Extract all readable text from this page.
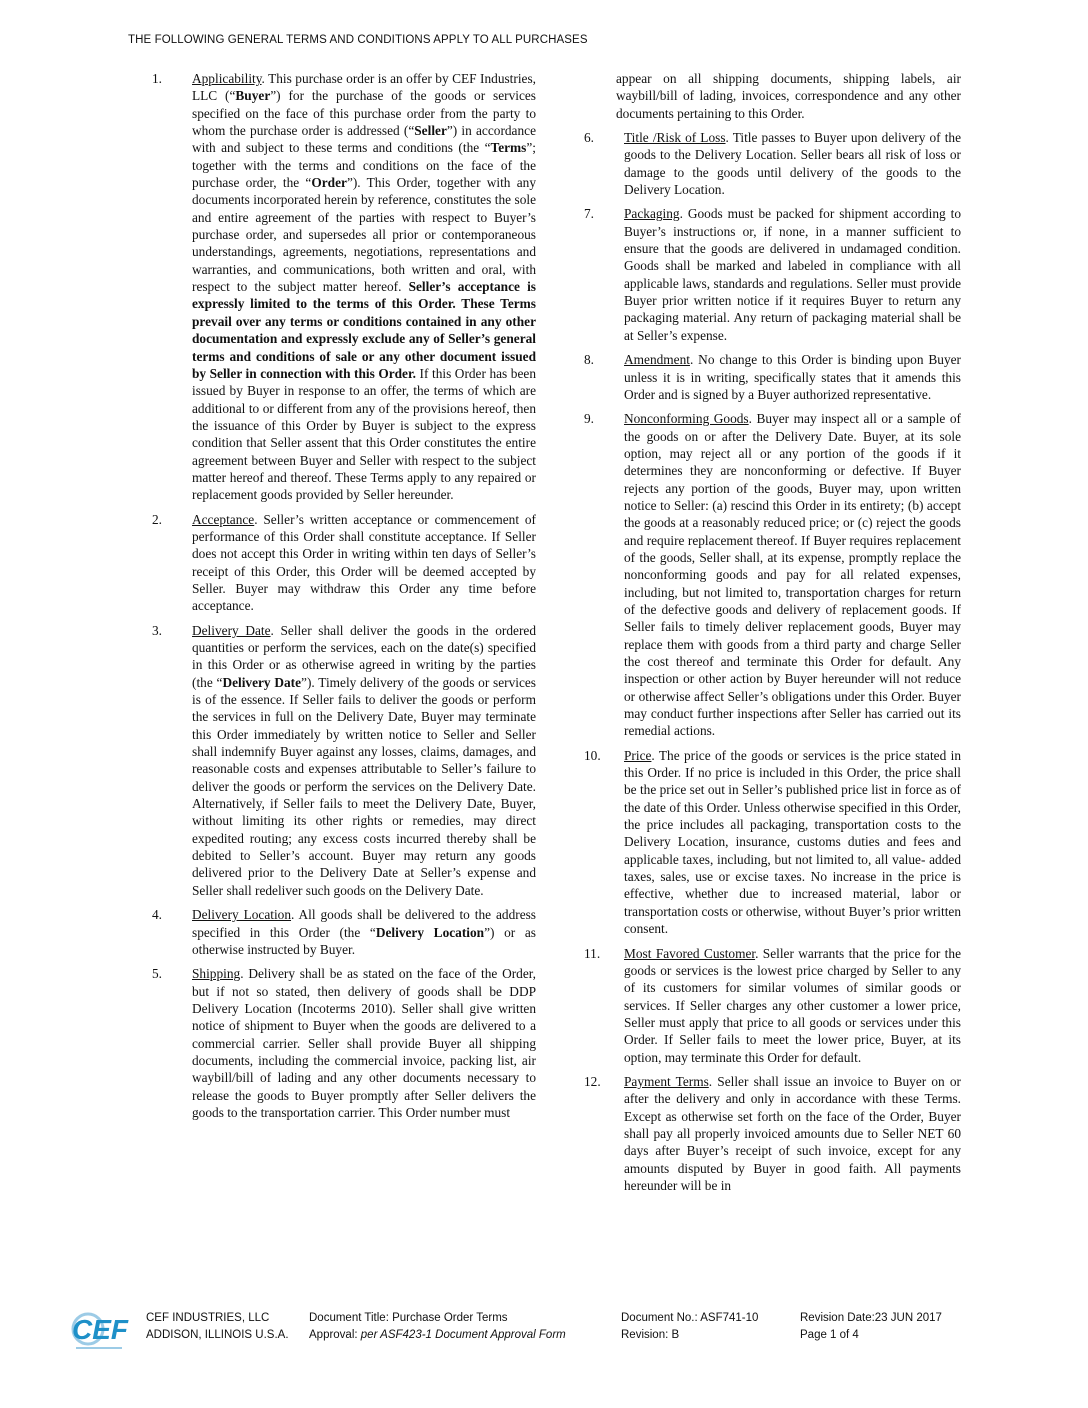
THE FOLLOWING GENERAL TERMS AND CONDITIONS APPLY TO ALL PURCHASES
1. Applicability. This purchase order is an offer by CEF Industries, LLC (“Buyer”) for the purchase of the goods or services specified on the face of this purchase order from the party to whom the purchase order is addressed (“Seller”) in accordance with and subject to these terms and conditions (the “Terms”; together with the terms and conditions on the face of the purchase order, the “Order”). This Order, together with any documents incorporated herein by reference, constitutes the sole and entire agreement of the parties with respect to Buyer’s purchase order, and supersedes all prior or contemporaneous understandings, agreements, negotiations, representations and warranties, and communications, both written and oral, with respect to the subject matter hereof. Seller’s acceptance is expressly limited to the terms of this Order. These Terms prevail over any terms or conditions contained in any other documentation and expressly exclude any of Seller’s general terms and conditions of sale or any other document issued by Seller in connection with this Order. If this Order has been issued by Buyer in response to an offer, the terms of which are additional to or different from any of the provisions hereof, then the issuance of this Order by Buyer is subject to the express condition that Seller assent that this Order constitutes the entire agreement between Buyer and Seller with respect to the subject matter hereof and thereof. These Terms apply to any repaired or replacement goods provided by Seller hereunder.
2. Acceptance. Seller’s written acceptance or commencement of performance of this Order shall constitute acceptance. If Seller does not accept this Order in writing within ten days of Seller’s receipt of this Order, this Order will be deemed accepted by Seller. Buyer may withdraw this Order any time before acceptance.
3. Delivery Date. Seller shall deliver the goods in the ordered quantities or perform the services, each on the date(s) specified in this Order or as otherwise agreed in writing by the parties (the “Delivery Date”). Timely delivery of the goods or services is of the essence. If Seller fails to deliver the goods or perform the services in full on the Delivery Date, Buyer may terminate this Order immediately by written notice to Seller and Seller shall indemnify Buyer against any losses, claims, damages, and reasonable costs and expenses attributable to Seller’s failure to deliver the goods or perform the services on the Delivery Date. Alternatively, if Seller fails to meet the Delivery Date, Buyer, without limiting its other rights or remedies, may direct expedited routing; any excess costs incurred thereby shall be debited to Seller’s account. Buyer may return any goods delivered prior to the Delivery Date at Seller’s expense and Seller shall redeliver such goods on the Delivery Date.
4. Delivery Location. All goods shall be delivered to the address specified in this Order (the “Delivery Location”) or as otherwise instructed by Buyer.
5. Shipping. Delivery shall be as stated on the face of the Order, but if not so stated, then delivery of goods shall be DDP Delivery Location (Incoterms 2010). Seller shall give written notice of shipment to Buyer when the goods are delivered to a commercial carrier. Seller shall provide Buyer all shipping documents, including the commercial invoice, packing list, air waybill/bill of lading and any other documents necessary to release the goods to Buyer promptly after Seller delivers the goods to the transportation carrier. This Order number must
appear on all shipping documents, shipping labels, air waybill/bill of lading, invoices, correspondence and any other documents pertaining to this Order.
6. Title /Risk of Loss. Title passes to Buyer upon delivery of the goods to the Delivery Location. Seller bears all risk of loss or damage to the goods until delivery of the goods to the Delivery Location.
7. Packaging. Goods must be packed for shipment according to Buyer’s instructions or, if none, in a manner sufficient to ensure that the goods are delivered in undamaged condition. Goods shall be marked and labeled in compliance with all applicable laws, standards and regulations. Seller must provide Buyer prior written notice if it requires Buyer to return any packaging material. Any return of packaging material shall be at Seller’s expense.
8. Amendment. No change to this Order is binding upon Buyer unless it is in writing, specifically states that it amends this Order and is signed by a Buyer authorized representative.
9. Nonconforming Goods. Buyer may inspect all or a sample of the goods on or after the Delivery Date. Buyer, at its sole option, may reject all or any portion of the goods if it determines they are nonconforming or defective. If Buyer rejects any portion of the goods, Buyer may, upon written notice to Seller: (a) rescind this Order in its entirety; (b) accept the goods at a reasonably reduced price; or (c) reject the goods and require replacement thereof. If Buyer requires replacement of the goods, Seller shall, at its expense, promptly replace the nonconforming goods and pay for all related expenses, including, but not limited to, transportation charges for return of the defective goods and delivery of replacement goods. If Seller fails to timely deliver replacement goods, Buyer may replace them with goods from a third party and charge Seller the cost thereof and terminate this Order for default. Any inspection or other action by Buyer hereunder will not reduce or otherwise affect Seller’s obligations under this Order. Buyer may conduct further inspections after Seller has carried out its remedial actions.
10. Price. The price of the goods or services is the price stated in this Order. If no price is included in this Order, the price shall be the price set out in Seller’s published price list in force as of the date of this Order. Unless otherwise specified in this Order, the price includes all packaging, transportation costs to the Delivery Location, insurance, customs duties and fees and applicable taxes, including, but not limited to, all value- added taxes, sales, use or excise taxes. No increase in the price is effective, whether due to increased material, labor or transportation costs or otherwise, without Buyer’s prior written consent.
11. Most Favored Customer. Seller warrants that the price for the goods or services is the lowest price charged by Seller to any of its customers for similar volumes of similar goods or services. If Seller charges any other customer a lower price, Seller must apply that price to all goods or services under this Order. If Seller fails to meet the lower price, Buyer, at its option, may terminate this Order for default.
12. Payment Terms. Seller shall issue an invoice to Buyer on or after the delivery and only in accordance with these Terms. Except as otherwise set forth on the face of the Order, Buyer shall pay all properly invoiced amounts due to Seller NET 60 days after Buyer’s receipt of such invoice, except for any amounts disputed by Buyer in good faith. All payments hereunder will be in
CEF CEF INDUSTRIES, LLC
ADDISON, ILLINOIS U.S.A.
Document Title: Purchase Order Terms
Approval: per ASF423-1 Document Approval Form
Document No.: ASF741-10
Revision: B
Revision Date:23 JUN 2017
Page 1 of 4
